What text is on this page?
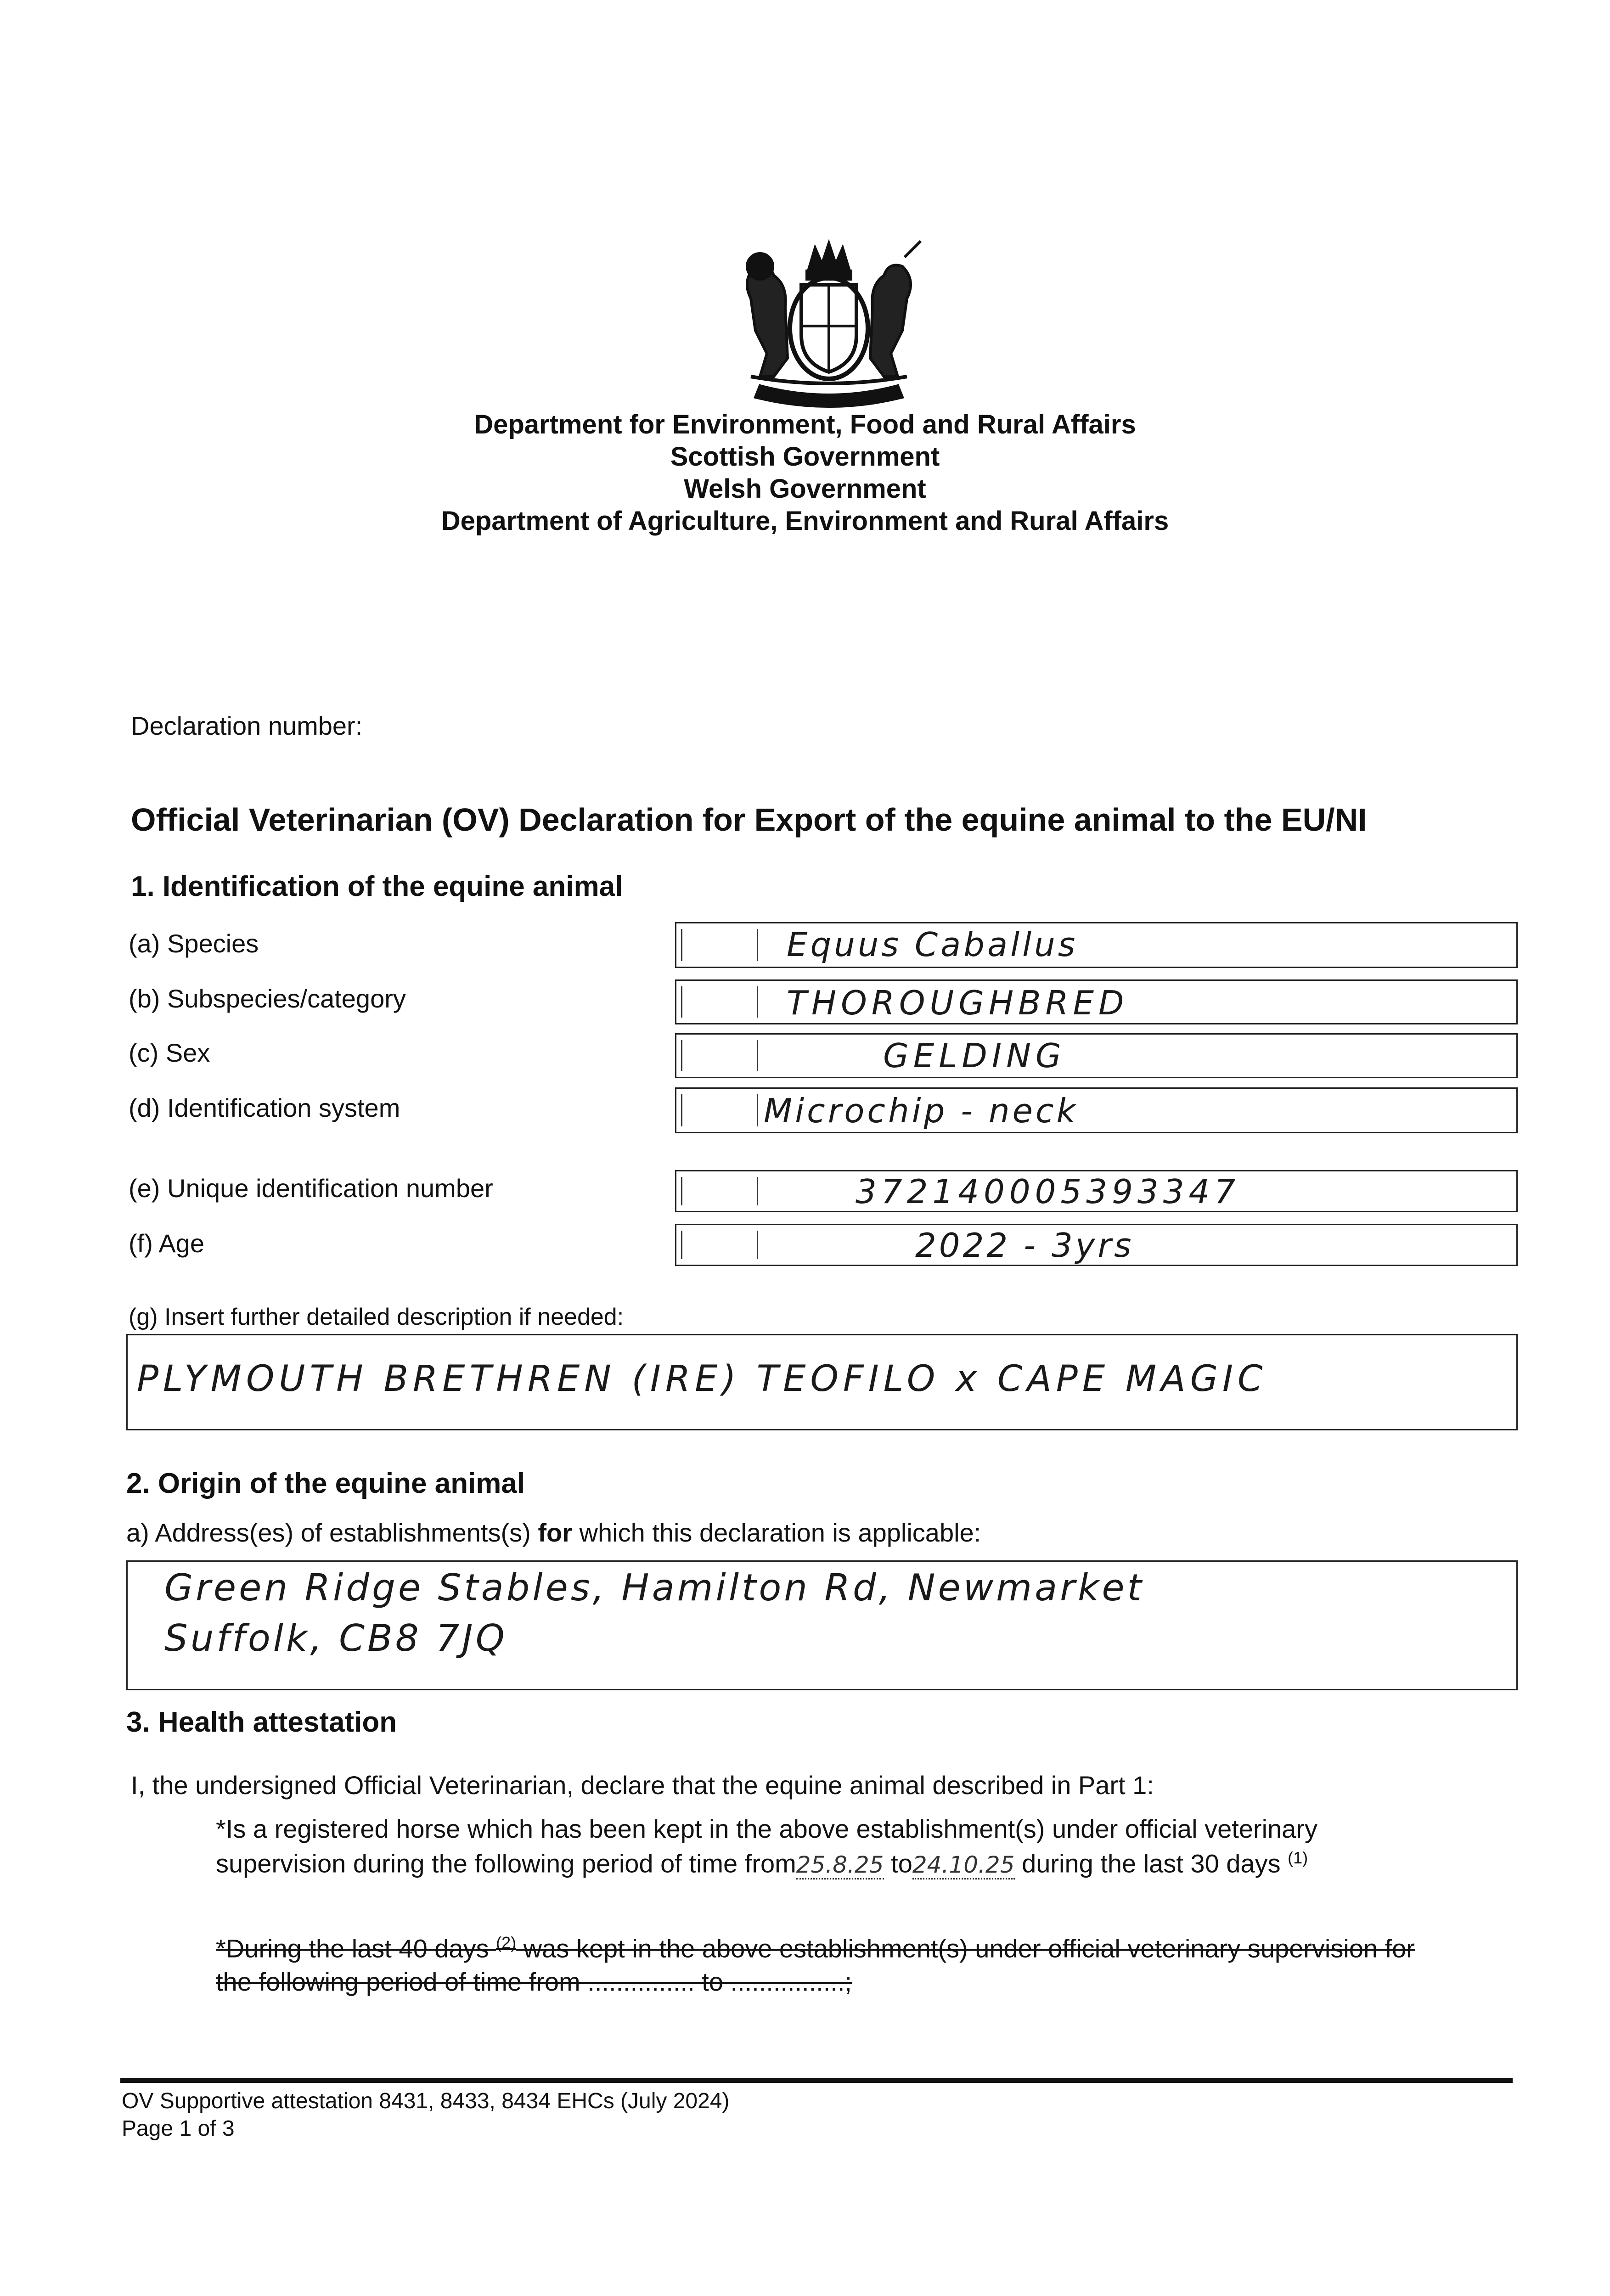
Department for Environment, Food and Rural Affairs
Scottish Government
Welsh Government
Department of Agriculture, Environment and Rural Affairs
Declaration number:
Official Veterinarian (OV) Declaration for Export of the equine animal to the EU/NI
1. Identification of the equine animal
(a) Species	Equus Caballus
(b) Subspecies/category	THOROUGHBRED
(c) Sex	GELDING
(d) Identification system	Microchip - neck
(e) Unique identification number	372140005393347
(f) Age	2022 - 3yrs
(g) Insert further detailed description if needed:
PLYMOUTH BRETHREN (IRE) TEOFILO x CAPE MAGIC
2. Origin of the equine animal
a) Address(es) of establishments(s) for which this declaration is applicable:
Green Ridge Stables, Hamilton Rd, Newmarket
Suffolk, CB8 7JQ
3. Health attestation
I, the undersigned Official Veterinarian, declare that the equine animal described in Part 1:
*Is a registered horse which has been kept in the above establishment(s) under official veterinary
supervision during the following period of time from25.8.25 to24.10.25 during the last 30 days $^{(1)}$
*During the last 40 days $^{(2)}$ was kept in the above establishment(s) under official veterinary supervision for
the following period of time from ............... to ................;
OV Supportive attestation 8431, 8433, 8434 EHCs (July 2024)
Page 1 of 3
